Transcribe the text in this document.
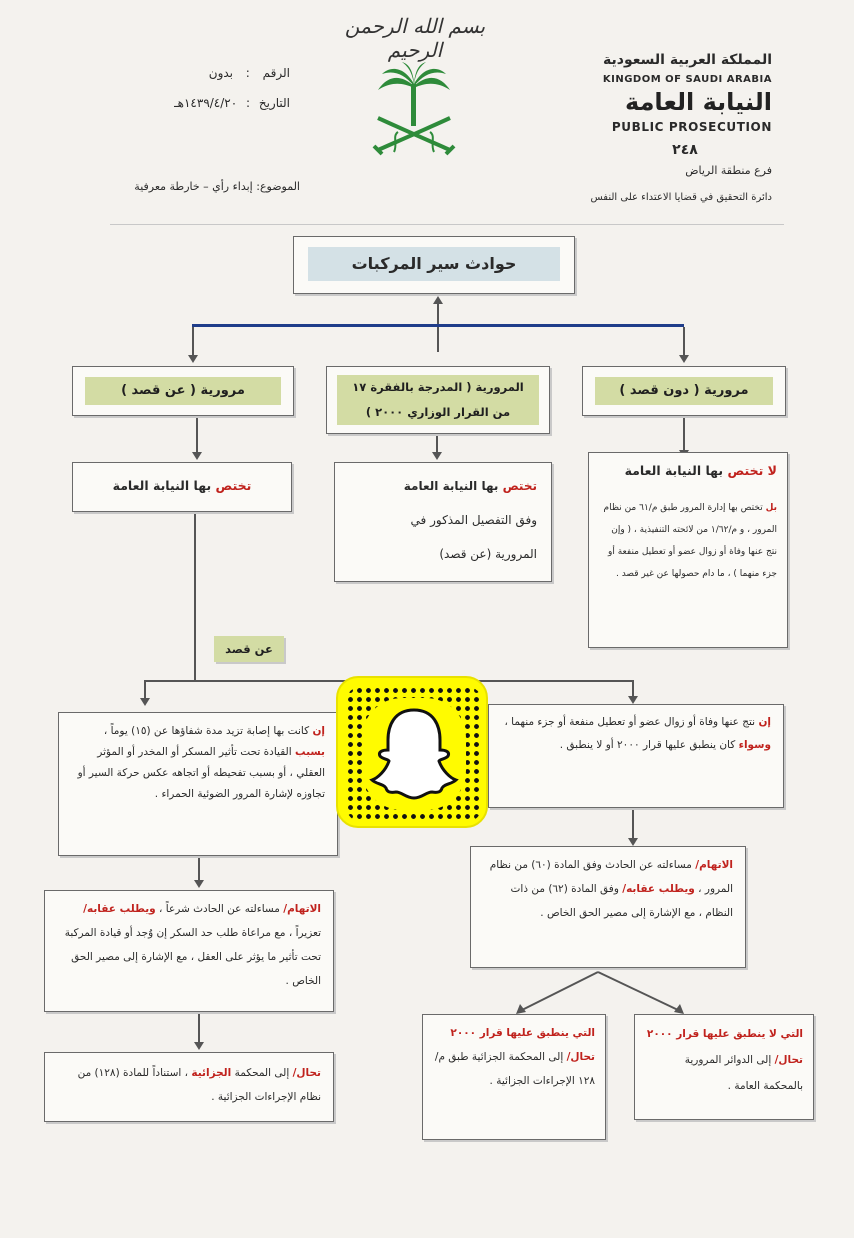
بسم الله الرحمن الرحيم	المملكة العربية السعودية
KINGDOM OF SAUDI ARABIA
النيابة العامة
PUBLIC PROSECUTION
٢٤٨
فرع منطقة الرياض
دائرة التحقيق في قضايا الاعتداء على النفس
الرقم : بدون
التاريخ : ١٤٣٩/٤/٢٠هـ
الموضوع: إبداء رأي – خارطة معرفية
حوادث سير المركبات
مرورية ( عن قصد )	المرورية ( المدرجة بالفقرة ١٧
من القرار الوزاري ٢٠٠٠ )
مرورية ( دون قصد )
تختص بها النيابة العامة	تختص بها النيابة العامة
وفق التفصيل المذكور في
المرورية (عن قصد)
لا تختص بها النيابة العامة
بل تختص بها إدارة المرور طبق م/٦١ من نظام المرور ، و م/١/٦٢ من لائحته التنفيذية ، ( وإن نتج عنها وفاة أو زوال عضو أو تعطيل منفعة أو جزء منهما ) ، ما دام حصولها عن غير قصد .
عن قصد
إن كانت بها إصابة تزيد مدة شفاؤها عن (١٥) يوماً ، بسبب القيادة تحت تأثير المسكر أو المخدر أو المؤثر العقلي ، أو بسبب تفحيطه أو اتجاهه عكس حركة السير أو تجاوزه لإشارة المرور الضوئية الحمراء .
إن نتج عنها وفاة أو زوال عضو أو تعطيل منفعة أو جزء منهما ، وسواء كان ينطبق عليها قرار ٢٠٠٠ أو لا ينطبق .
الاتهام/ مساءلته عن الحادث شرعاً ، ويطلب عقابه/ تعزيراً ، مع مراعاة طلب حد السكر إن وُجد أو قيادة المركبة تحت تأثير ما يؤثر على العقل ، مع الإشارة إلى مصير الحق الخاص .
الاتهام/ مساءلته عن الحادث وفق المادة (٦٠) من نظام المرور ، ويطلب عقابه/ وفق المادة (٦٢) من ذات النظام ، مع الإشارة إلى مصير الحق الخاص .
تحال/ إلى المحكمة الجزائية ، استناداً للمادة (١٢٨) من نظام الإجراءات الجزائية .
التي ينطبق عليها قرار ٢٠٠٠ تحال/ إلى المحكمة الجزائية طبق م/١٢٨ الإجراءات الجزائية .
التي لا ينطبق عليها قرار ٢٠٠٠ تحال/ إلى الدوائر المرورية بالمحكمة العامة .
